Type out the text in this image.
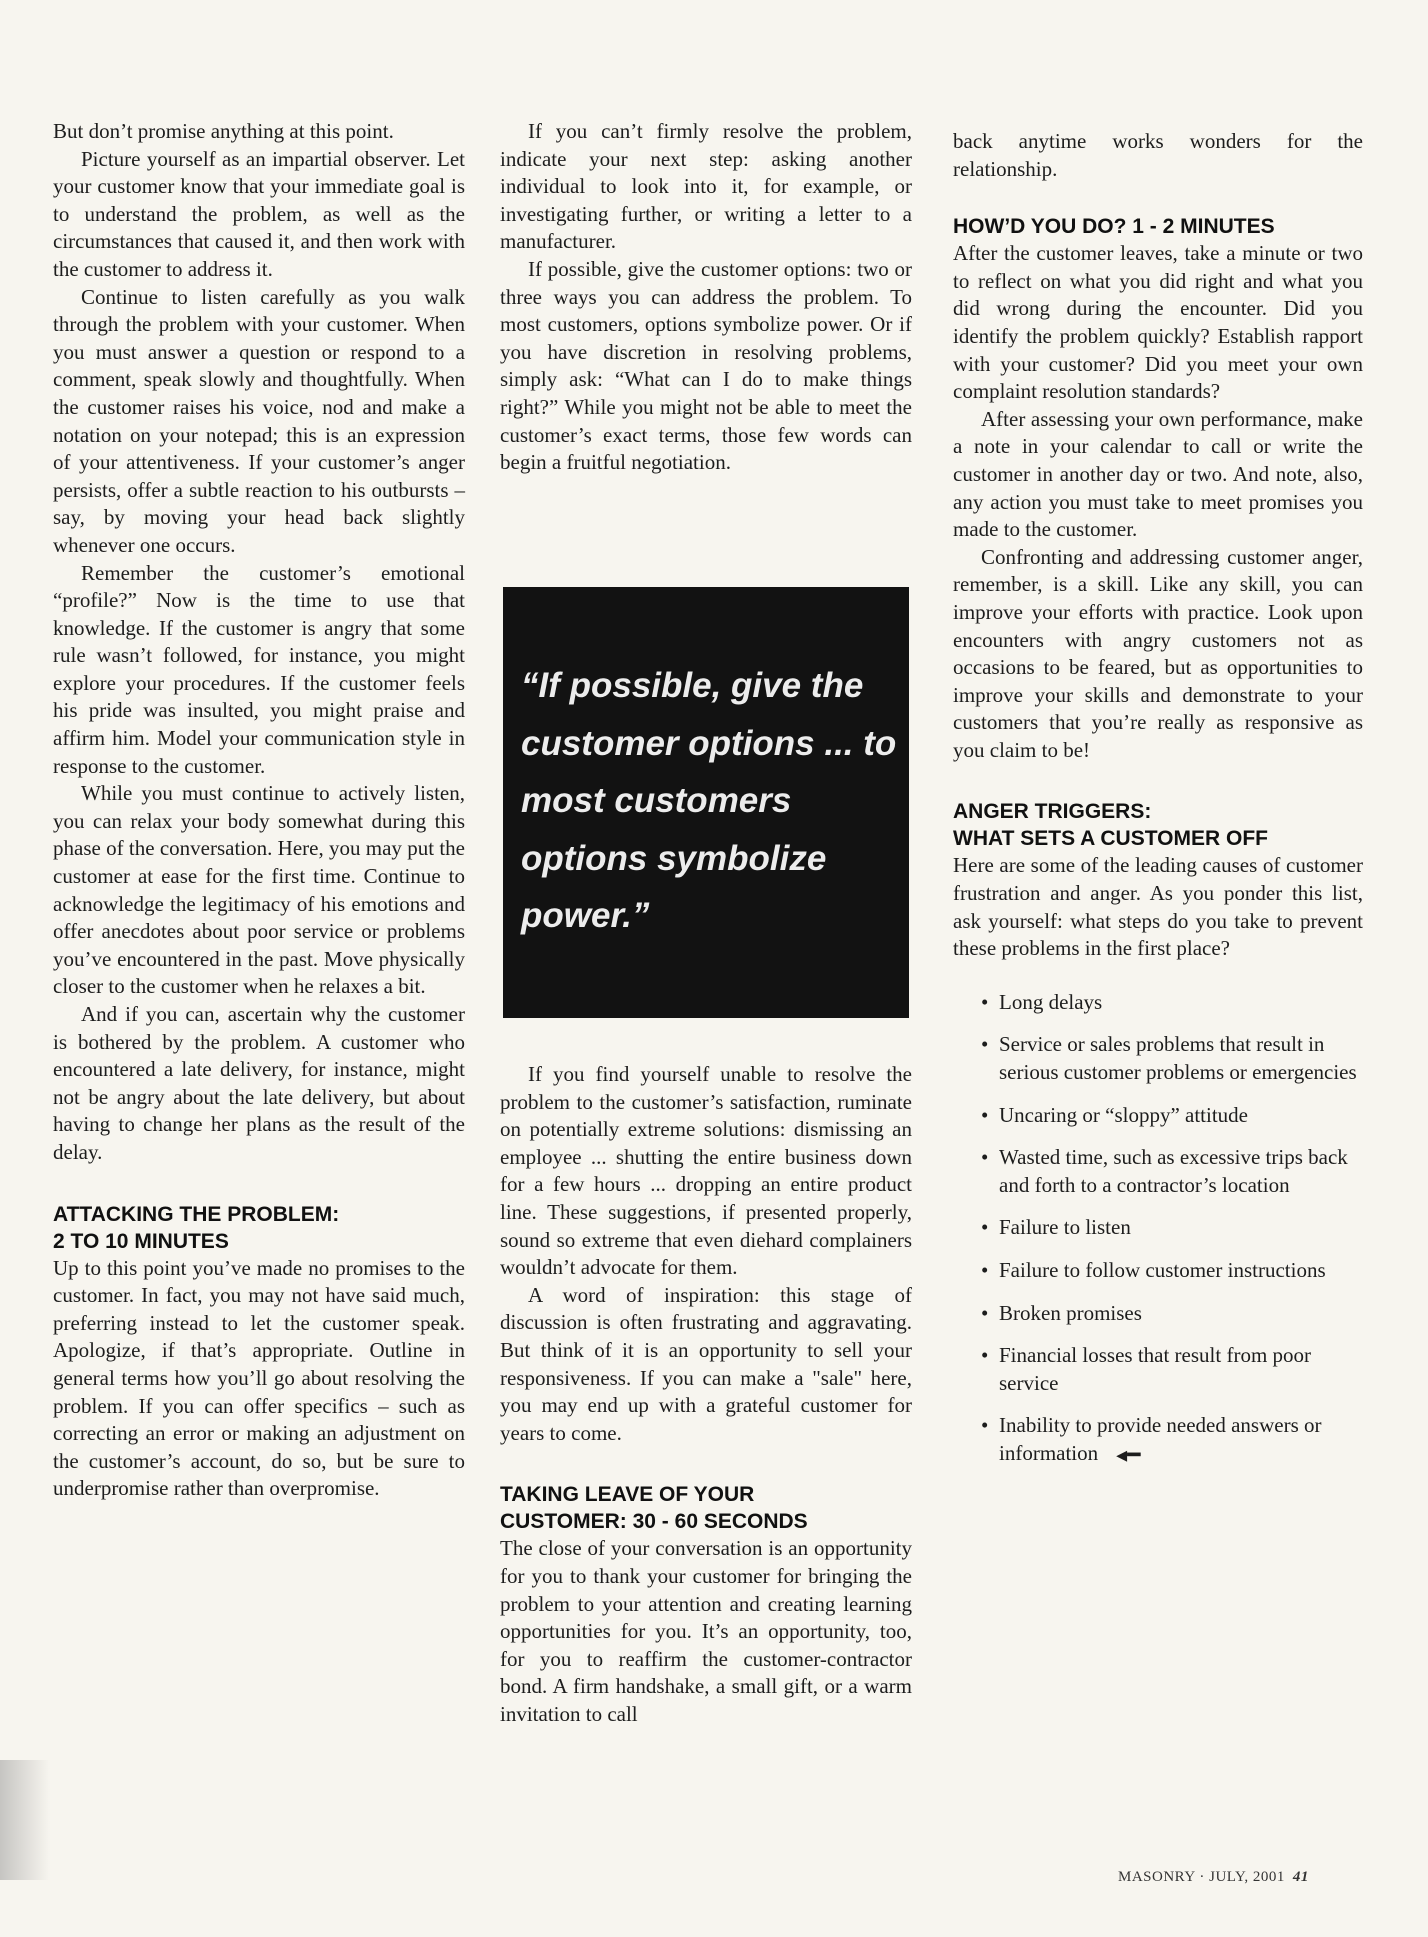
But don’t promise anything at this point.

Picture yourself as an impartial observer. Let your customer know that your immediate goal is to understand the problem, as well as the circumstances that caused it, and then work with the customer to address it.

Continue to listen carefully as you walk through the problem with your customer. When you must answer a question or respond to a comment, speak slowly and thoughtfully. When the customer raises his voice, nod and make a notation on your notepad; this is an expression of your attentiveness. If your customer’s anger persists, offer a subtle reaction to his outbursts – say, by moving your head back slightly whenever one occurs.

Remember the customer’s emotional “profile?” Now is the time to use that knowledge. If the customer is angry that some rule wasn’t followed, for instance, you might explore your procedures. If the customer feels his pride was insulted, you might praise and affirm him. Model your communication style in response to the customer.

While you must continue to actively listen, you can relax your body somewhat during this phase of the conversation. Here, you may put the customer at ease for the first time. Continue to acknowledge the legitimacy of his emotions and offer anecdotes about poor service or problems you’ve encountered in the past. Move physically closer to the customer when he relaxes a bit.

And if you can, ascertain why the customer is bothered by the problem. A customer who encountered a late delivery, for instance, might not be angry about the late delivery, but about having to change her plans as the result of the delay.

ATTACKING THE PROBLEM:
2 TO 10 MINUTES

Up to this point you’ve made no promises to the customer. In fact, you may not have said much, preferring instead to let the customer speak. Apologize, if that’s appropriate. Outline in general terms how you’ll go about resolving the problem. If you can offer specifics – such as correcting an error or making an adjustment on the customer’s account, do so, but be sure to underpromise rather than overpromise.

If you can’t firmly resolve the problem, indicate your next step: asking another individual to look into it, for example, or investigating further, or writing a letter to a manufacturer.

If possible, give the customer options: two or three ways you can address the problem. To most customers, options symbolize power. Or if you have discretion in resolving problems, simply ask: “What can I do to make things right?” While you might not be able to meet the customer’s exact terms, those few words can begin a fruitful negotiation.

“If possible, give the customer options ... to most customers options symbolize power.”

If you find yourself unable to resolve the problem to the customer’s satisfaction, ruminate on potentially extreme solutions: dismissing an employee ... shutting the entire business down for a few hours ... dropping an entire product line. These suggestions, if presented properly, sound so extreme that even diehard complainers wouldn’t advocate for them.

A word of inspiration: this stage of discussion is often frustrating and aggravating. But think of it is an opportunity to sell your responsiveness. If you can make a "sale" here, you may end up with a grateful customer for years to come.

TAKING LEAVE OF YOUR
CUSTOMER: 30 - 60 SECONDS

The close of your conversation is an opportunity for you to thank your customer for bringing the problem to your attention and creating learning opportunities for you. It’s an opportunity, too, for you to reaffirm the customer-contractor bond. A firm handshake, a small gift, or a warm invitation to call

back anytime works wonders for the relationship.

HOW’D YOU DO? 1 - 2 MINUTES

After the customer leaves, take a minute or two to reflect on what you did right and what you did wrong during the encounter. Did you identify the problem quickly? Establish rapport with your customer? Did you meet your own complaint resolution standards?

After assessing your own performance, make a note in your calendar to call or write the customer in another day or two. And note, also, any action you must take to meet promises you made to the customer.

Confronting and addressing customer anger, remember, is a skill. Like any skill, you can improve your efforts with practice. Look upon encounters with angry customers not as occasions to be feared, but as opportunities to improve your skills and demonstrate to your customers that you’re really as responsive as you claim to be!

ANGER TRIGGERS:
WHAT SETS A CUSTOMER OFF

Here are some of the leading causes of customer frustration and anger. As you ponder this list, ask yourself: what steps do you take to prevent these problems in the first place?

• Long delays
• Service or sales problems that result in serious customer problems or emergencies
• Uncaring or “sloppy” attitude
• Wasted time, such as excessive trips back and forth to a contractor’s location
• Failure to listen
• Failure to follow customer instructions
• Broken promises
• Financial losses that result from poor service
• Inability to provide needed answers or information ◂━
MASONRY · JULY, 2001 41
